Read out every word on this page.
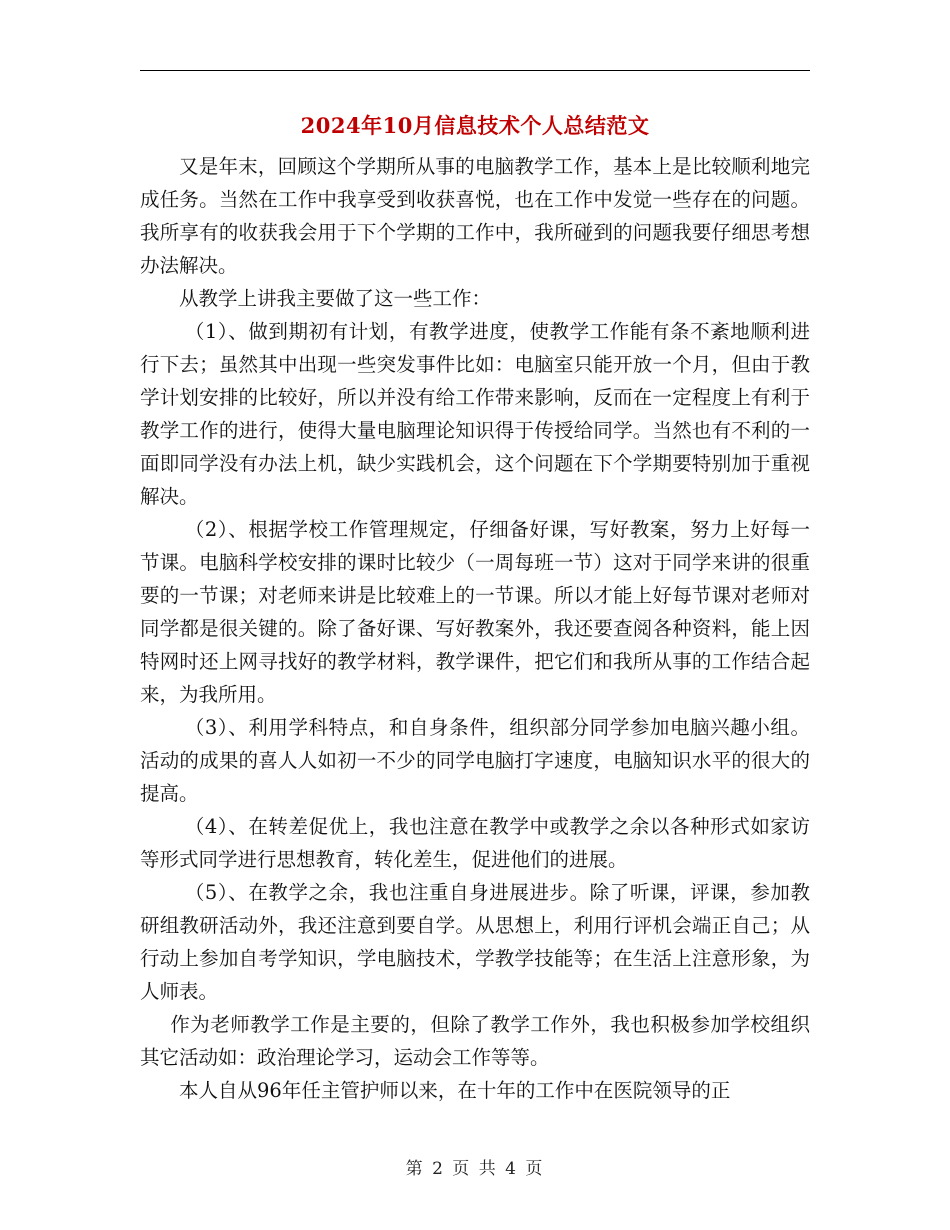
2024年10月信息技术个人总结范文

又是年末，回顾这个学期所从事的电脑教学工作，基本上是比较顺利地完成任务。当然在工作中我享受到收获喜悦，也在工作中发觉一些存在的问题。我所享有的收获我会用于下个学期的工作中，我所碰到的问题我要仔细思考想办法解决。

从教学上讲我主要做了这一些工作：

（1）、做到期初有计划，有教学进度，使教学工作能有条不紊地顺利进行下去；虽然其中出现一些突发事件比如：电脑室只能开放一个月，但由于教学计划安排的比较好，所以并没有给工作带来影响，反而在一定程度上有利于教学工作的进行，使得大量电脑理论知识得于传授给同学。当然也有不利的一面即同学没有办法上机，缺少实践机会，这个问题在下个学期要特别加于重视解决。

（2）、根据学校工作管理规定，仔细备好课，写好教案，努力上好每一节课。电脑科学校安排的课时比较少（一周每班一节）这对于同学来讲的很重要的一节课；对老师来讲是比较难上的一节课。所以才能上好每节课对老师对同学都是很关键的。除了备好课、写好教案外，我还要查阅各种资料，能上因特网时还上网寻找好的教学材料，教学课件，把它们和我所从事的工作结合起来，为我所用。

（3）、利用学科特点，和自身条件，组织部分同学参加电脑兴趣小组。活动的成果的喜人人如初一不少的同学电脑打字速度，电脑知识水平的很大的提高。

（4）、在转差促优上，我也注意在教学中或教学之余以各种形式如家访等形式同学进行思想教育，转化差生，促进他们的进展。

（5）、在教学之余，我也注重自身进展进步。除了听课，评课，参加教研组教研活动外，我还注意到要自学。从思想上，利用行评机会端正自己；从行动上参加自考学知识，学电脑技术，学教学技能等；在生活上注意形象，为人师表。

作为老师教学工作是主要的，但除了教学工作外，我也积极参加学校组织其它活动如：政治理论学习，运动会工作等等。

本人自从96年任主管护师以来，在十年的工作中在医院领导的正

第 2 页 共 4 页
